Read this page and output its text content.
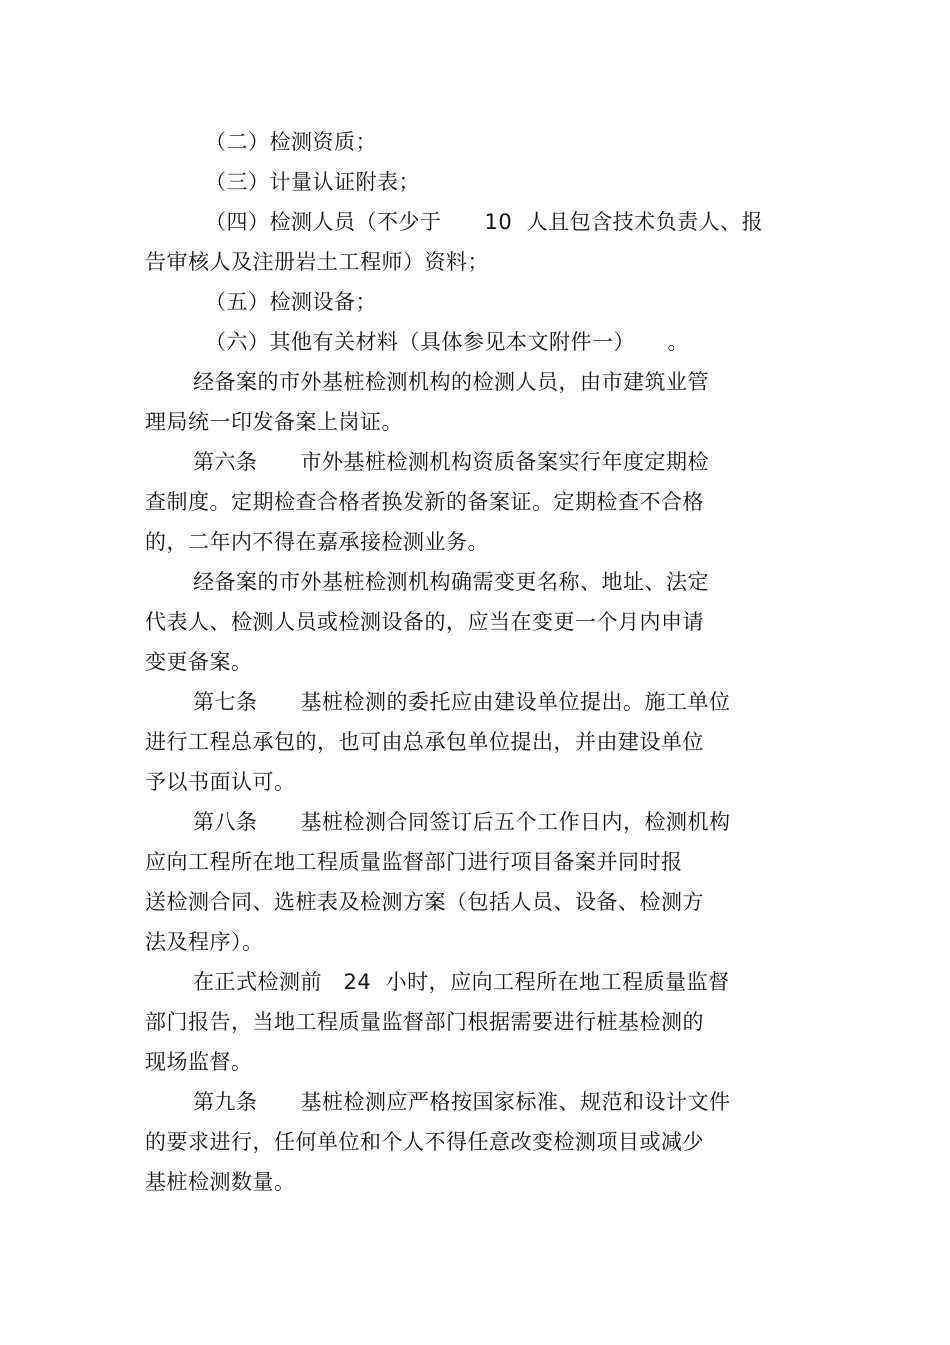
（二）检测资质；
（三）计量认证附表；
（四）检测人员（不少于　　10  人且包含技术负责人、报
告审核人及注册岩土工程师）资料；
（五）检测设备；
（六）其他有关材料（具体参见本文附件一）　　。
经备案的市外基桩检测机构的检测人员，由市建筑业管
理局统一印发备案上岗证。
第六条　　市外基桩检测机构资质备案实行年度定期检
查制度。定期检查合格者换发新的备案证。定期检查不合格
的，二年内不得在嘉承接检测业务。
经备案的市外基桩检测机构确需变更名称、地址、法定
代表人、检测人员或检测设备的，应当在变更一个月内申请
变更备案。
第七条　　基桩检测的委托应由建设单位提出。施工单位
进行工程总承包的，也可由总承包单位提出，并由建设单位
予以书面认可。
第八条　　基桩检测合同签订后五个工作日内，检测机构
应向工程所在地工程质量监督部门进行项目备案并同时报
送检测合同、选桩表及检测方案（包括人员、设备、检测方
法及程序）。
在正式检测前　24  小时，应向工程所在地工程质量监督
部门报告，当地工程质量监督部门根据需要进行桩基检测的
现场监督。
第九条　　基桩检测应严格按国家标准、规范和设计文件
的要求进行，任何单位和个人不得任意改变检测项目或减少
基桩检测数量。
